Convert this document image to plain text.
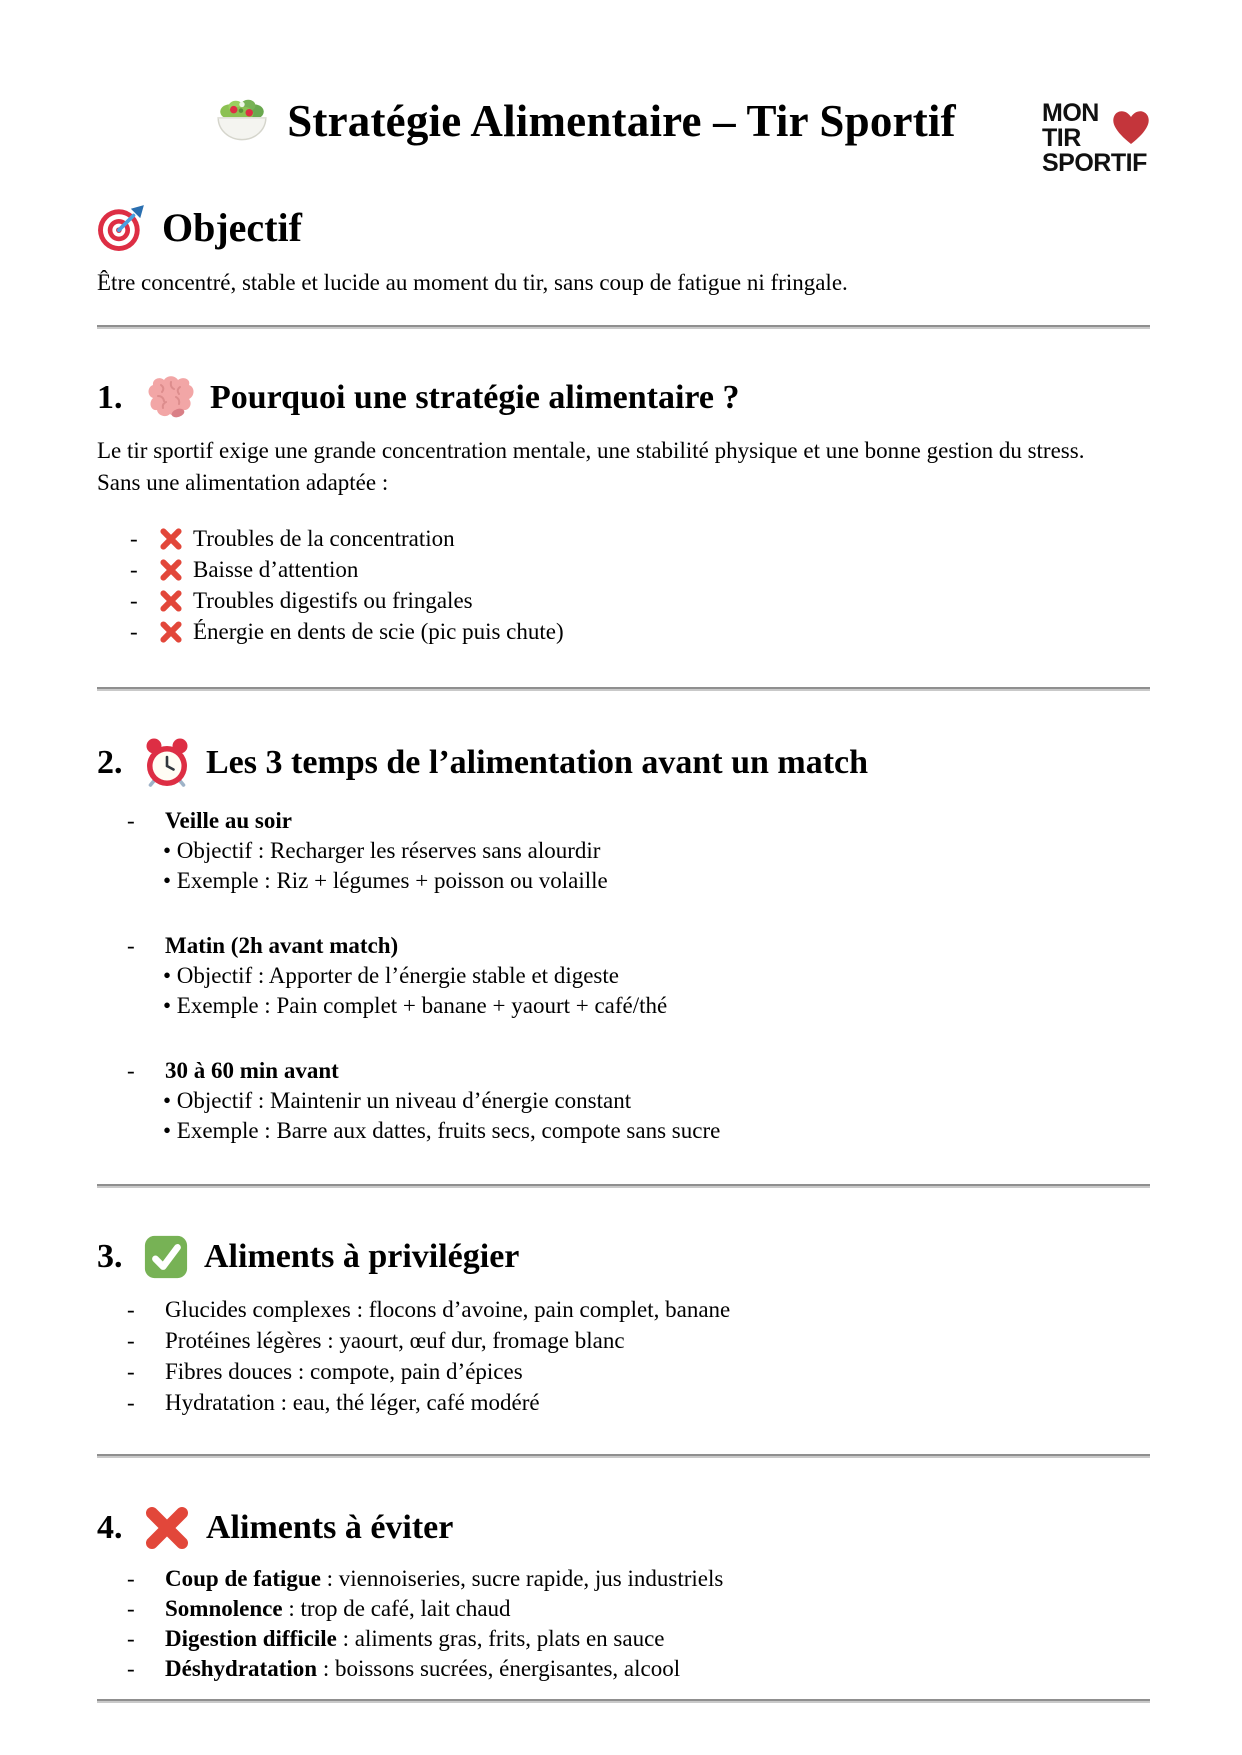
Stratégie Alimentaire – Tir Sportif	MON
TIR
SPORTIF
Objectif
Être concentré, stable et lucide au moment du tir, sans coup de fatigue ni fringale.
1.	Pourquoi une stratégie alimentaire ?
Le tir sportif exige une grande concentration mentale, une stabilité physique et une bonne gestion du stress. Sans une alimentation adaptée :
-	Troubles de la concentration
-	Baisse d’attention
-	Troubles digestifs ou fringales
-	Énergie en dents de scie (pic puis chute)
2.	Les 3 temps de l’alimentation avant un match
-	Veille au soir
• Objectif : Recharger les réserves sans alourdir
• Exemple : Riz + légumes + poisson ou volaille
-	Matin (2h avant match)
• Objectif : Apporter de l’énergie stable et digeste
• Exemple : Pain complet + banane + yaourt + café/thé
-	30 à 60 min avant
• Objectif : Maintenir un niveau d’énergie constant
• Exemple : Barre aux dattes, fruits secs, compote sans sucre
3.	Aliments à privilégier
-	Glucides complexes : flocons d’avoine, pain complet, banane
-	Protéines légères : yaourt, œuf dur, fromage blanc
-	Fibres douces : compote, pain d’épices
-	Hydratation : eau, thé léger, café modéré
4.	Aliments à éviter
-	Coup de fatigue : viennoiseries, sucre rapide, jus industriels
-	Somnolence : trop de café, lait chaud
-	Digestion difficile : aliments gras, frits, plats en sauce
-	Déshydratation : boissons sucrées, énergisantes, alcool
